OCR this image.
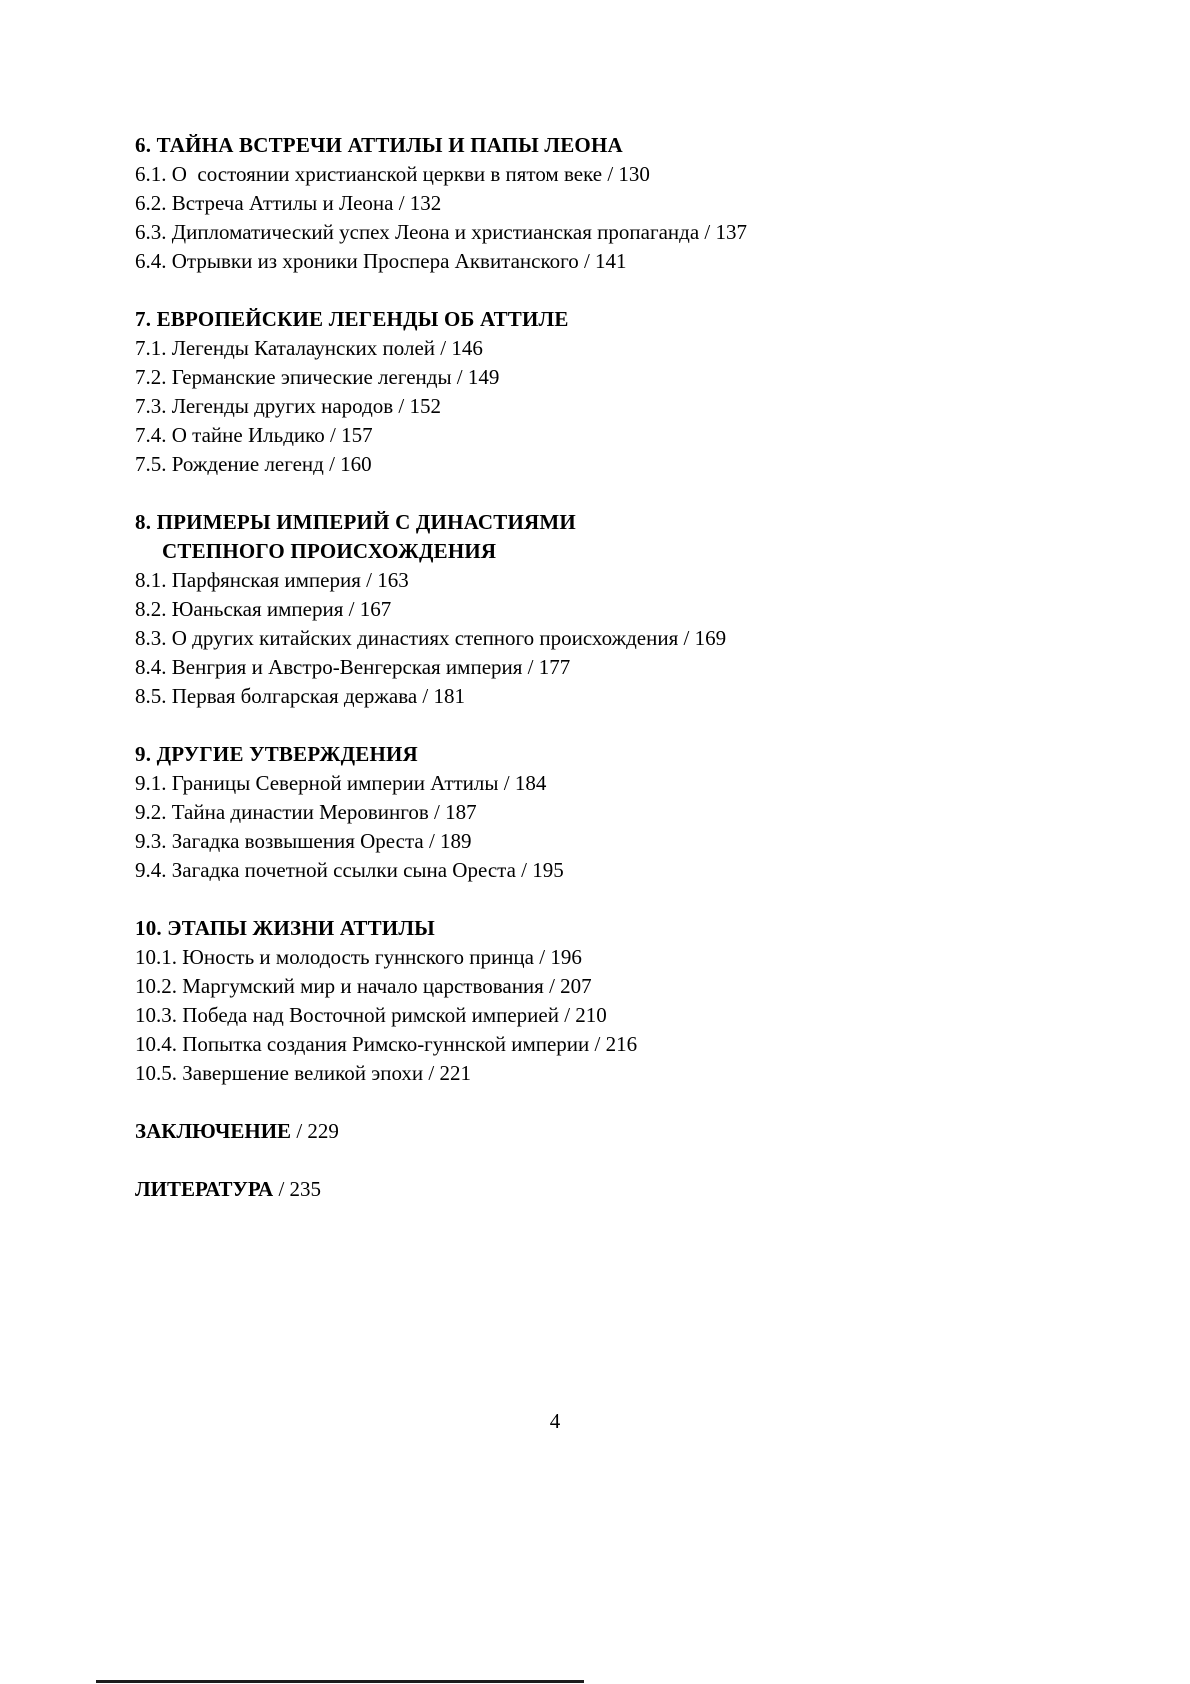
6. ТАЙНА ВСТРЕЧИ АТТИЛЫ И ПАПЫ ЛЕОНА

6.1. О  состоянии христианской церкви в пятом веке / 130

6.2. Встреча Аттилы и Леона / 132

6.3. Дипломатический успех Леона и христианская пропаганда / 137

6.4. Отрывки из хроники Проспера Аквитанского / 141

7. ЕВРОПЕЙСКИЕ ЛЕГЕНДЫ ОБ АТТИЛЕ

7.1. Легенды Каталаунских полей / 146

7.2. Германские эпические легенды / 149

7.3. Легенды других народов / 152

7.4. О тайне Ильдико / 157

7.5. Рождение легенд / 160

8. ПРИМЕРЫ ИМПЕРИЙ С ДИНАСТИЯМИ
СТЕПНОГО ПРОИСХОЖДЕНИЯ

8.1. Парфянская империя / 163

8.2. Юаньская империя / 167

8.3. О других китайских династиях степного происхождения / 169

8.4. Венгрия и Австро-Венгерская империя / 177

8.5. Первая болгарская держава / 181

9. ДРУГИЕ УТВЕРЖДЕНИЯ

9.1. Границы Северной империи Аттилы / 184

9.2. Тайна династии Меровингов / 187

9.3. Загадка возвышения Ореста / 189

9.4. Загадка почетной ссылки сына Ореста / 195

10. ЭТАПЫ ЖИЗНИ АТТИЛЫ

10.1. Юность и молодость гуннского принца / 196

10.2. Маргумский мир и начало царствования / 207

10.3. Победа над Восточной римской империей / 210

10.4. Попытка создания Римско-гуннской империи / 216

10.5. Завершение великой эпохи / 221

ЗАКЛЮЧЕНИЕ / 229

ЛИТЕРАТУРА / 235

4
